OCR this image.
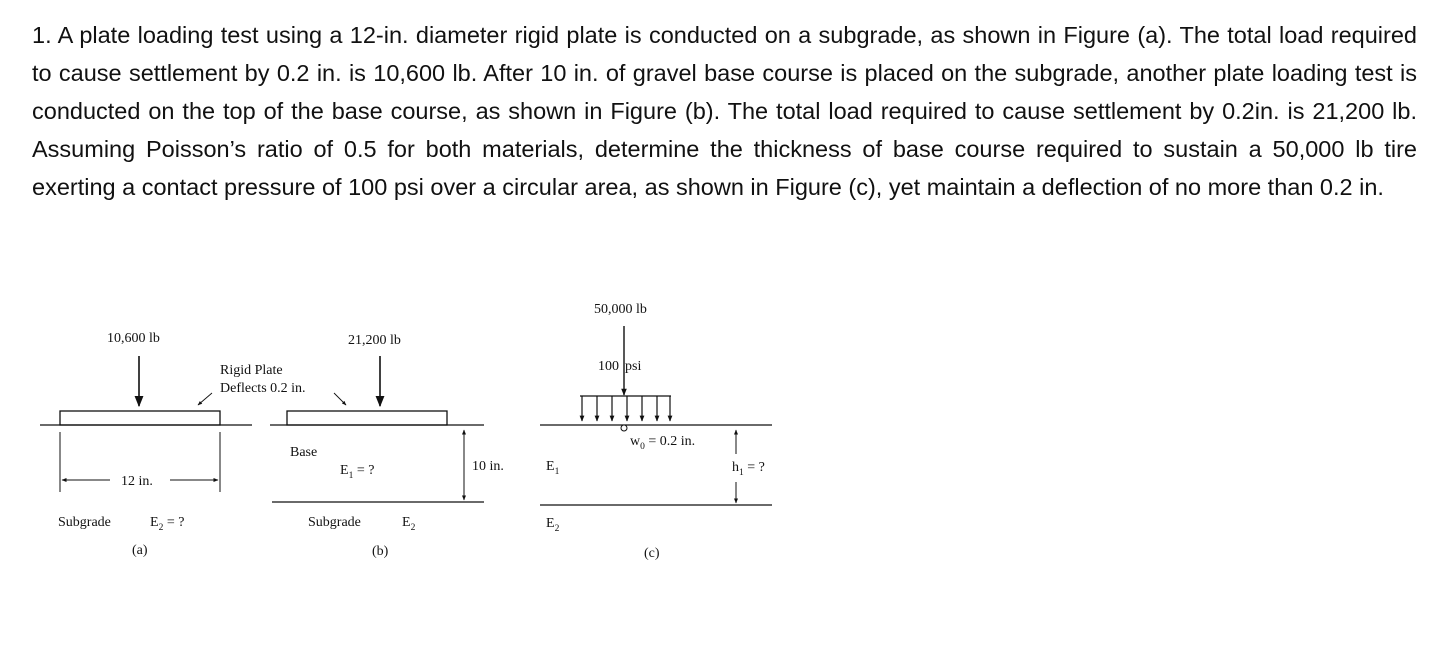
1. A plate loading test using a 12-in. diameter rigid plate is conducted on a subgrade, as shown in Figure (a). The total load required to cause settlement by 0.2 in. is 10,600 lb. After 10 in. of gravel base course is placed on the subgrade, another plate loading test is conducted on the top of the base course, as shown in Figure (b). The total load required to cause settlement by 0.2in. is 21,200 lb. Assuming Poisson’s ratio of 0.5 for both materials, determine the thickness of base course required to sustain a 50,000 lb tire exerting a contact pressure of 100 psi over a circular area, as shown in Figure (c), yet maintain a deflection of no more than 0.2 in.

10,600 lb
12 in.
Subgrade	$E_2$ = ?
(a)
Rigid Plate
Deflects 0.2 in.
21,200 lb
Base
$E_1$ = ?	10 in.
Subgrade	$E_2$
(b)
50,000 lb
100 psi
$w_0 = 0.2$ in.
$E_1$	$h_1$ = ?
$E_2$
(c)
